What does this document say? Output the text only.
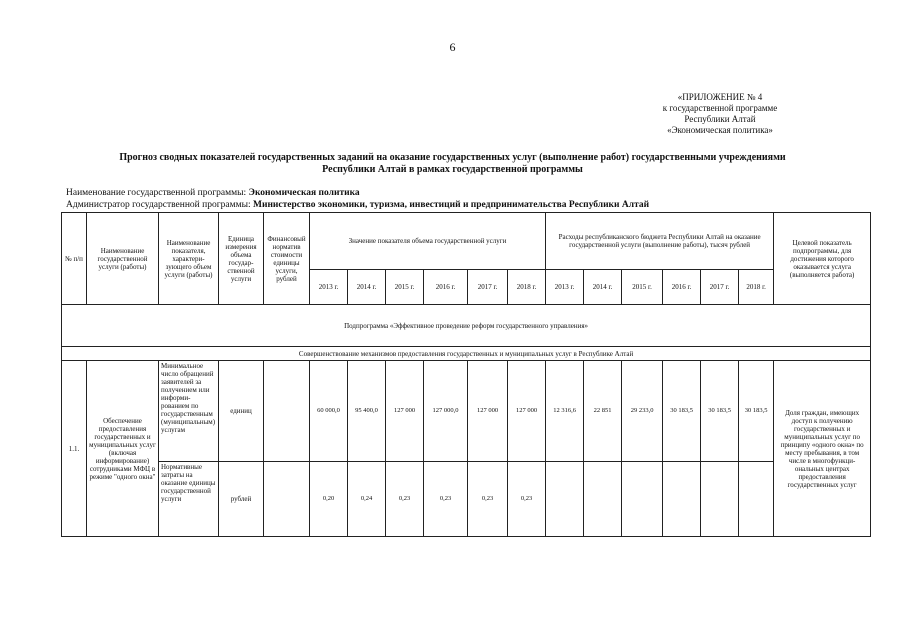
6
«ПРИЛОЖЕНИЕ № 4
к государственной программе
Республики Алтай
«Экономическая политика»
Прогноз сводных показателей государственных заданий на оказание государственных услуг (выполнение работ) государственными учреждениями
Республики Алтай в рамках государственной программы
Наименование государственной программы: Экономическая политика
Администратор государственной программы: Министерство экономики, туризма, инвестиций и предпринимательства Республики Алтай
№ п/п	Наименование государственной услуги (работы)	Наименование показателя, характеризующего объем услуги (работы)	Единица измерения объема государственной услуги	Финансовый норматив стоимости единицы услуги, рублей	Значение показателя объема государственной услуги						Расходы республиканского бюджета Республики Алтай на оказание государственной услуги (выполнение работы), тысяч рублей						Целевой показатель подпрограммы, для достижения которого оказывается услуга (выполняется работа)
					2013 г.	2014 г.	2015 г.	2016 г.	2017 г.	2018 г.	2013 г.	2014 г.	2015 г.	2016 г.	2017 г.	2018 г.	
Подпрограмма «Эффективное проведение реформ государственного управления»																	
Совершенствование механизмов предоставления государственных и муниципальных услуг в Республике Алтай																	
1.1.	Обеспечение предоставления государственных и муниципальных услуг (включая информирование) сотрудниками МФЦ в режиме "одного окна"	Минимальное число обращений заявителей за получением или информированием по государственным (муниципальным) услугам	единиц		60 000,0	95 400,0	127 000	127 000,0	127 000	127 000	12 316,6	22 851	29 233,0	30 183,5	30 183,5	30 183,5	Доля граждан, имеющих доступ к получению государственных и муниципальных услуг по принципу «одного окна» по месту пребывания, в том числе в многофункциональных центрах предоставления государственных услуг
		Нормативные затраты на оказание единицы государственной услуги	рублей		0,20	0,24	0,23	0,23	0,23	0,23							
